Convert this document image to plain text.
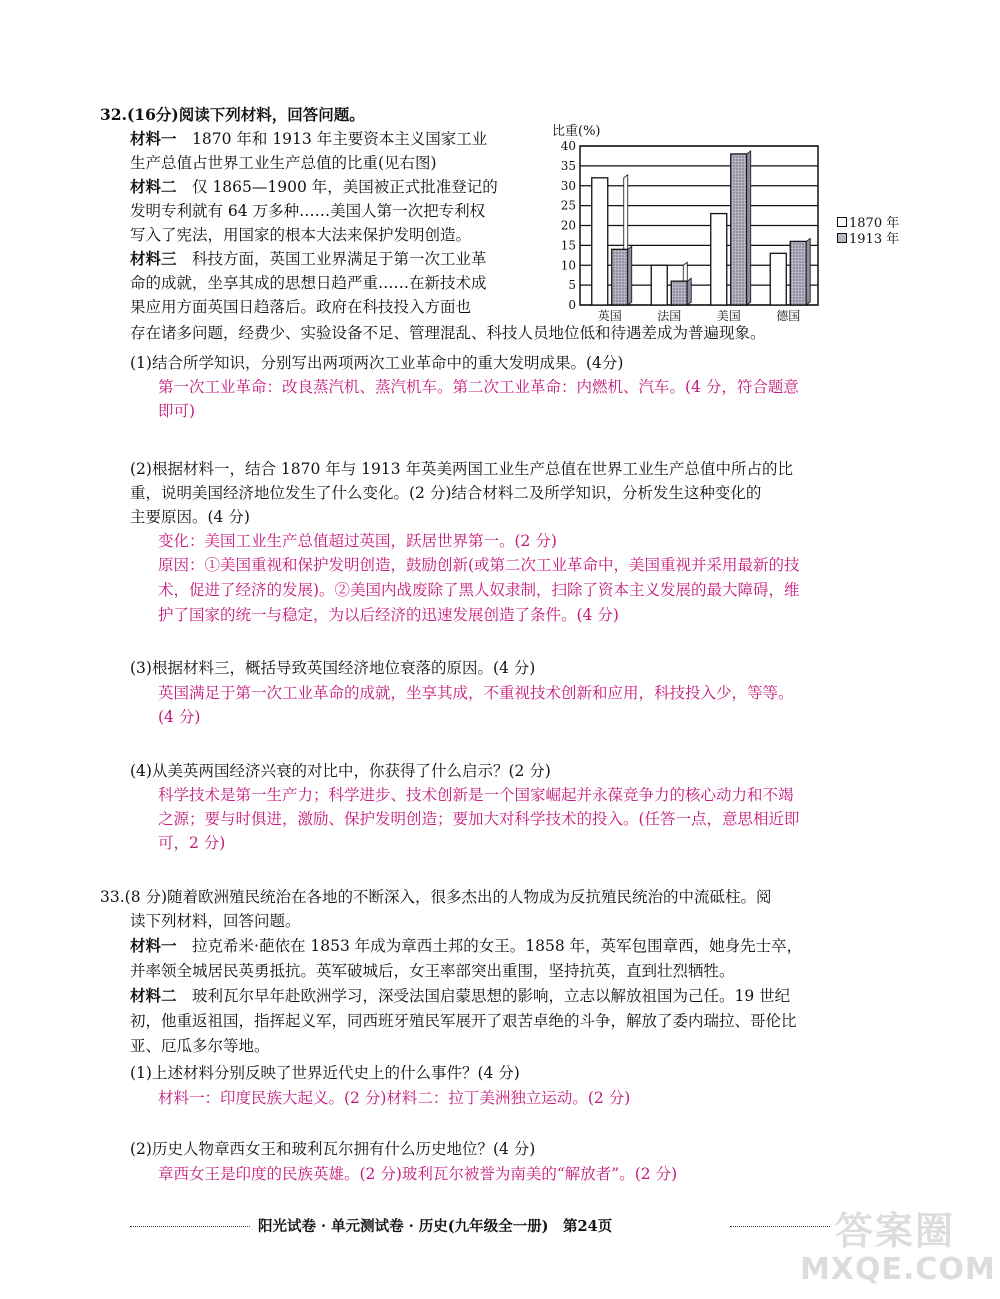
32.(16分)阅读下列材料，回答问题。
材料一　1870 年和 1913 年主要资本主义国家工业
生产总值占世界工业生产总值的比重(见右图)
材料二　仅 1865—1900 年，美国被正式批准登记的
发明专利就有 64 万多种……美国人第一次把专利权
写入了宪法，用国家的根本大法来保护发明创造。
材料三　科技方面，英国工业界满足于第一次工业革
命的成就，坐享其成的思想日趋严重……在新技术成
果应用方面英国日趋落后。政府在科技投入方面也
存在诸多问题，经费少、实验设备不足、管理混乱、科技人员地位低和待遇差成为普遍现象。
比重(%)
0
5
10
15
20
25
30
35
40
英国	法国	美国	德国
1870 年
1913 年
(1)结合所学知识，分别写出两项两次工业革命中的重大发明成果。(4分)
第一次工业革命：改良蒸汽机、蒸汽机车。第二次工业革命：内燃机、汽车。(4 分，符合题意
即可)
(2)根据材料一，结合 1870 年与 1913 年英美两国工业生产总值在世界工业生产总值中所占的比
重，说明美国经济地位发生了什么变化。(2 分)结合材料二及所学知识，分析发生这种变化的
主要原因。(4 分)
变化：美国工业生产总值超过英国，跃居世界第一。(2 分)
原因：①美国重视和保护发明创造，鼓励创新(或第二次工业革命中，美国重视并采用最新的技
术，促进了经济的发展)。②美国内战废除了黑人奴隶制，扫除了资本主义发展的最大障碍，维
护了国家的统一与稳定，为以后经济的迅速发展创造了条件。(4 分)
(3)根据材料三，概括导致英国经济地位衰落的原因。(4 分)
英国满足于第一次工业革命的成就，坐享其成，不重视技术创新和应用，科技投入少，等等。
(4 分)
(4)从美英两国经济兴衰的对比中，你获得了什么启示？(2 分)
科学技术是第一生产力；科学进步、技术创新是一个国家崛起并永葆竞争力的核心动力和不竭
之源；要与时俱进，激励、保护发明创造；要加大对科学技术的投入。(任答一点，意思相近即
可，2 分)
33.(8 分)随着欧洲殖民统治在各地的不断深入，很多杰出的人物成为反抗殖民统治的中流砥柱。阅
读下列材料，回答问题。
材料一　拉克希米·葩依在 1853 年成为章西土邦的女王。1858 年，英军包围章西，她身先士卒，
并率领全城居民英勇抵抗。英军破城后，女王率部突出重围，坚持抗英，直到壮烈牺牲。
材料二　玻利瓦尔早年赴欧洲学习，深受法国启蒙思想的影响，立志以解放祖国为己任。19 世纪
初，他重返祖国，指挥起义军，同西班牙殖民军展开了艰苦卓绝的斗争，解放了委内瑞拉、哥伦比
亚、厄瓜多尔等地。
(1)上述材料分别反映了世界近代史上的什么事件？(4 分)
材料一：印度民族大起义。(2 分)材料二：拉丁美洲独立运动。(2 分)
(2)历史人物章西女王和玻利瓦尔拥有什么历史地位？(4 分)
章西女王是印度的民族英雄。(2 分)玻利瓦尔被誉为南美的“解放者”。(2 分)
阳光试卷 · 单元测试卷 · 历史(九年级全一册)　第24页	答案圈
MXQE.COM
